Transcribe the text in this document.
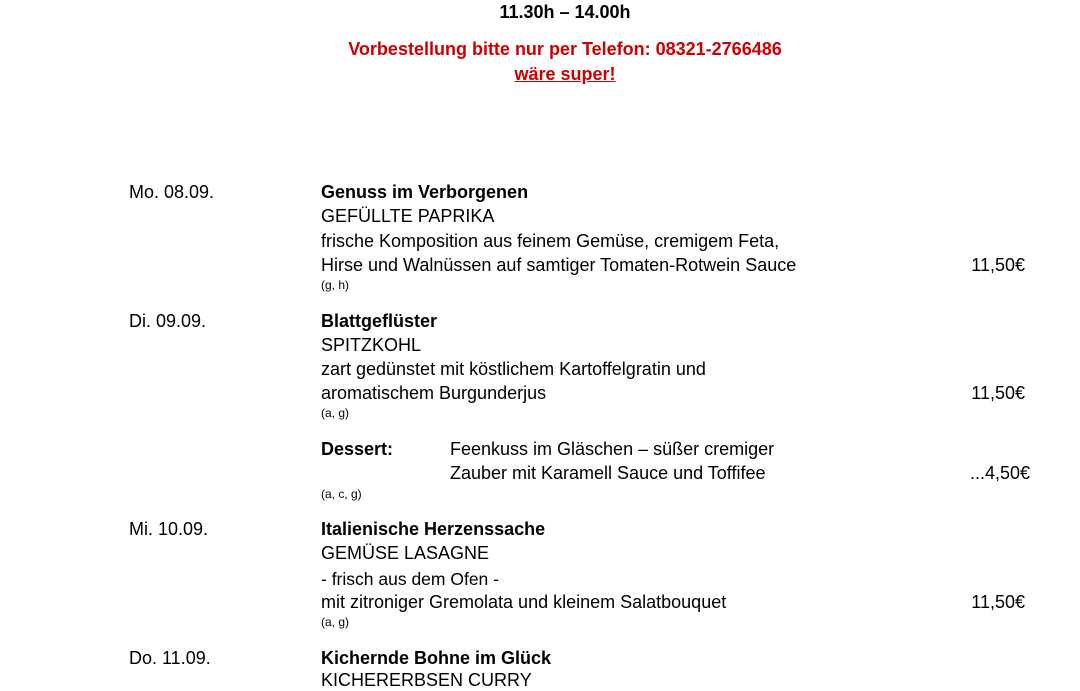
11.30h – 14.00h
Vorbestellung bitte nur per Telefon: 08321-2766486
wäre super!
Mo. 08.09.	Genuss im Verborgenen
GEFÜLLTE PAPRIKA
frische Komposition aus feinem Gemüse, cremigem Feta,
Hirse und Walnüssen auf samtiger Tomaten-Rotwein Sauce	11,50€
(g, h)
Di. 09.09.	Blattgeflüster
SPITZKOHL
zart gedünstet mit köstlichem Kartoffelgratin und
aromatischem Burgunderjus	11,50€
(a, g)
Dessert:	Feenkuss im Gläschen – süßer cremiger
Zauber mit Karamell Sauce und Toffifee	...4,50€
(a, c, g)
Mi. 10.09.	Italienische Herzenssache
GEMÜSE LASAGNE
- frisch aus dem Ofen -
mit zitroniger Gremolata und kleinem Salatbouquet	11,50€
(a, g)
Do. 11.09.	Kichernde Bohne im Glück
KICHERERBSEN CURRY
